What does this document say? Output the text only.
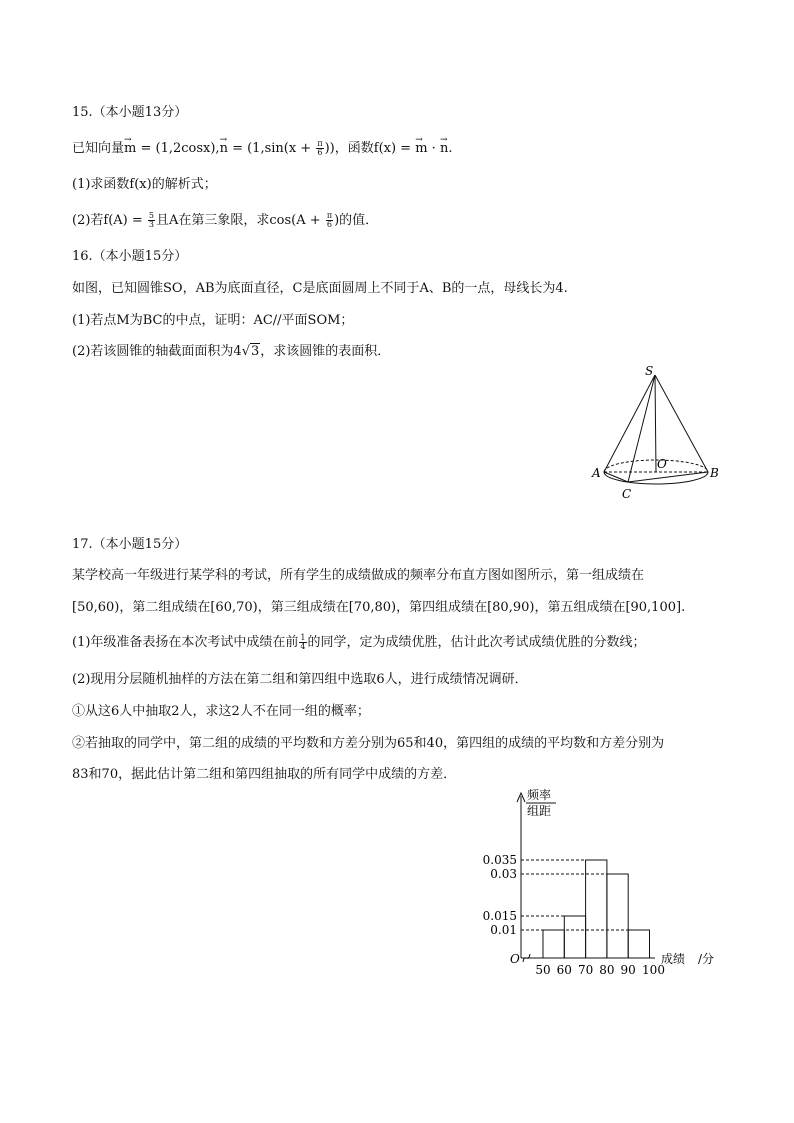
15.（本小题13分）
已知向量→ $m = (1,2\cos x),\to n = (1,\sin(x + \frac{\pi}{6}$ ))，函数f(x) = → m · → n.
(1)求函数f(x)的解析式；
(2)若$f(A) = \frac{5}{3}$ 且A在第三象限，求$\cos(A + \frac{\pi}{6}$ )的值．
16.（本小题15分）
如图，已知圆锥SO，AB为底面直径，C是底面圆周上不同于A、B的一点，母线长为4.
(1)若点M为BC的中点，证明：AC//平面SOM；
(2)若该圆锥的轴截面面积为4√3，求该圆锥的表面积．
S
O
A	B
C
17.（本小题15分）
某学校高一年级进行某学科的考试，所有学生的成绩做成的频率分布直方图如图所示，第一组成绩在
[50,60)，第二组成绩在[60,70)，第三组成绩在[70,80)，第四组成绩在[80,90)，第五组成绩在[90,100].
(1)年级准备表扬在本次考试中成绩在前 $\frac{1}{4}$ 的同学，定为成绩优胜，估计此次考试成绩优胜的分数线；
(2)现用分层随机抽样的方法在第二组和第四组中选取6人，进行成绩情况调研．
①从这6人中抽取2人，求这2人不在同一组的概率；
②若抽取的同学中，第二组的成绩的平均数和方差分别为65和40，第四组的成绩的平均数和方差分别为
83和70，据此估计第二组和第四组抽取的所有同学中成绩的方差．
频率
组距
O	成绩 /分
0.035
0.03
0.015
0.01
50 60 70 80 90 100
